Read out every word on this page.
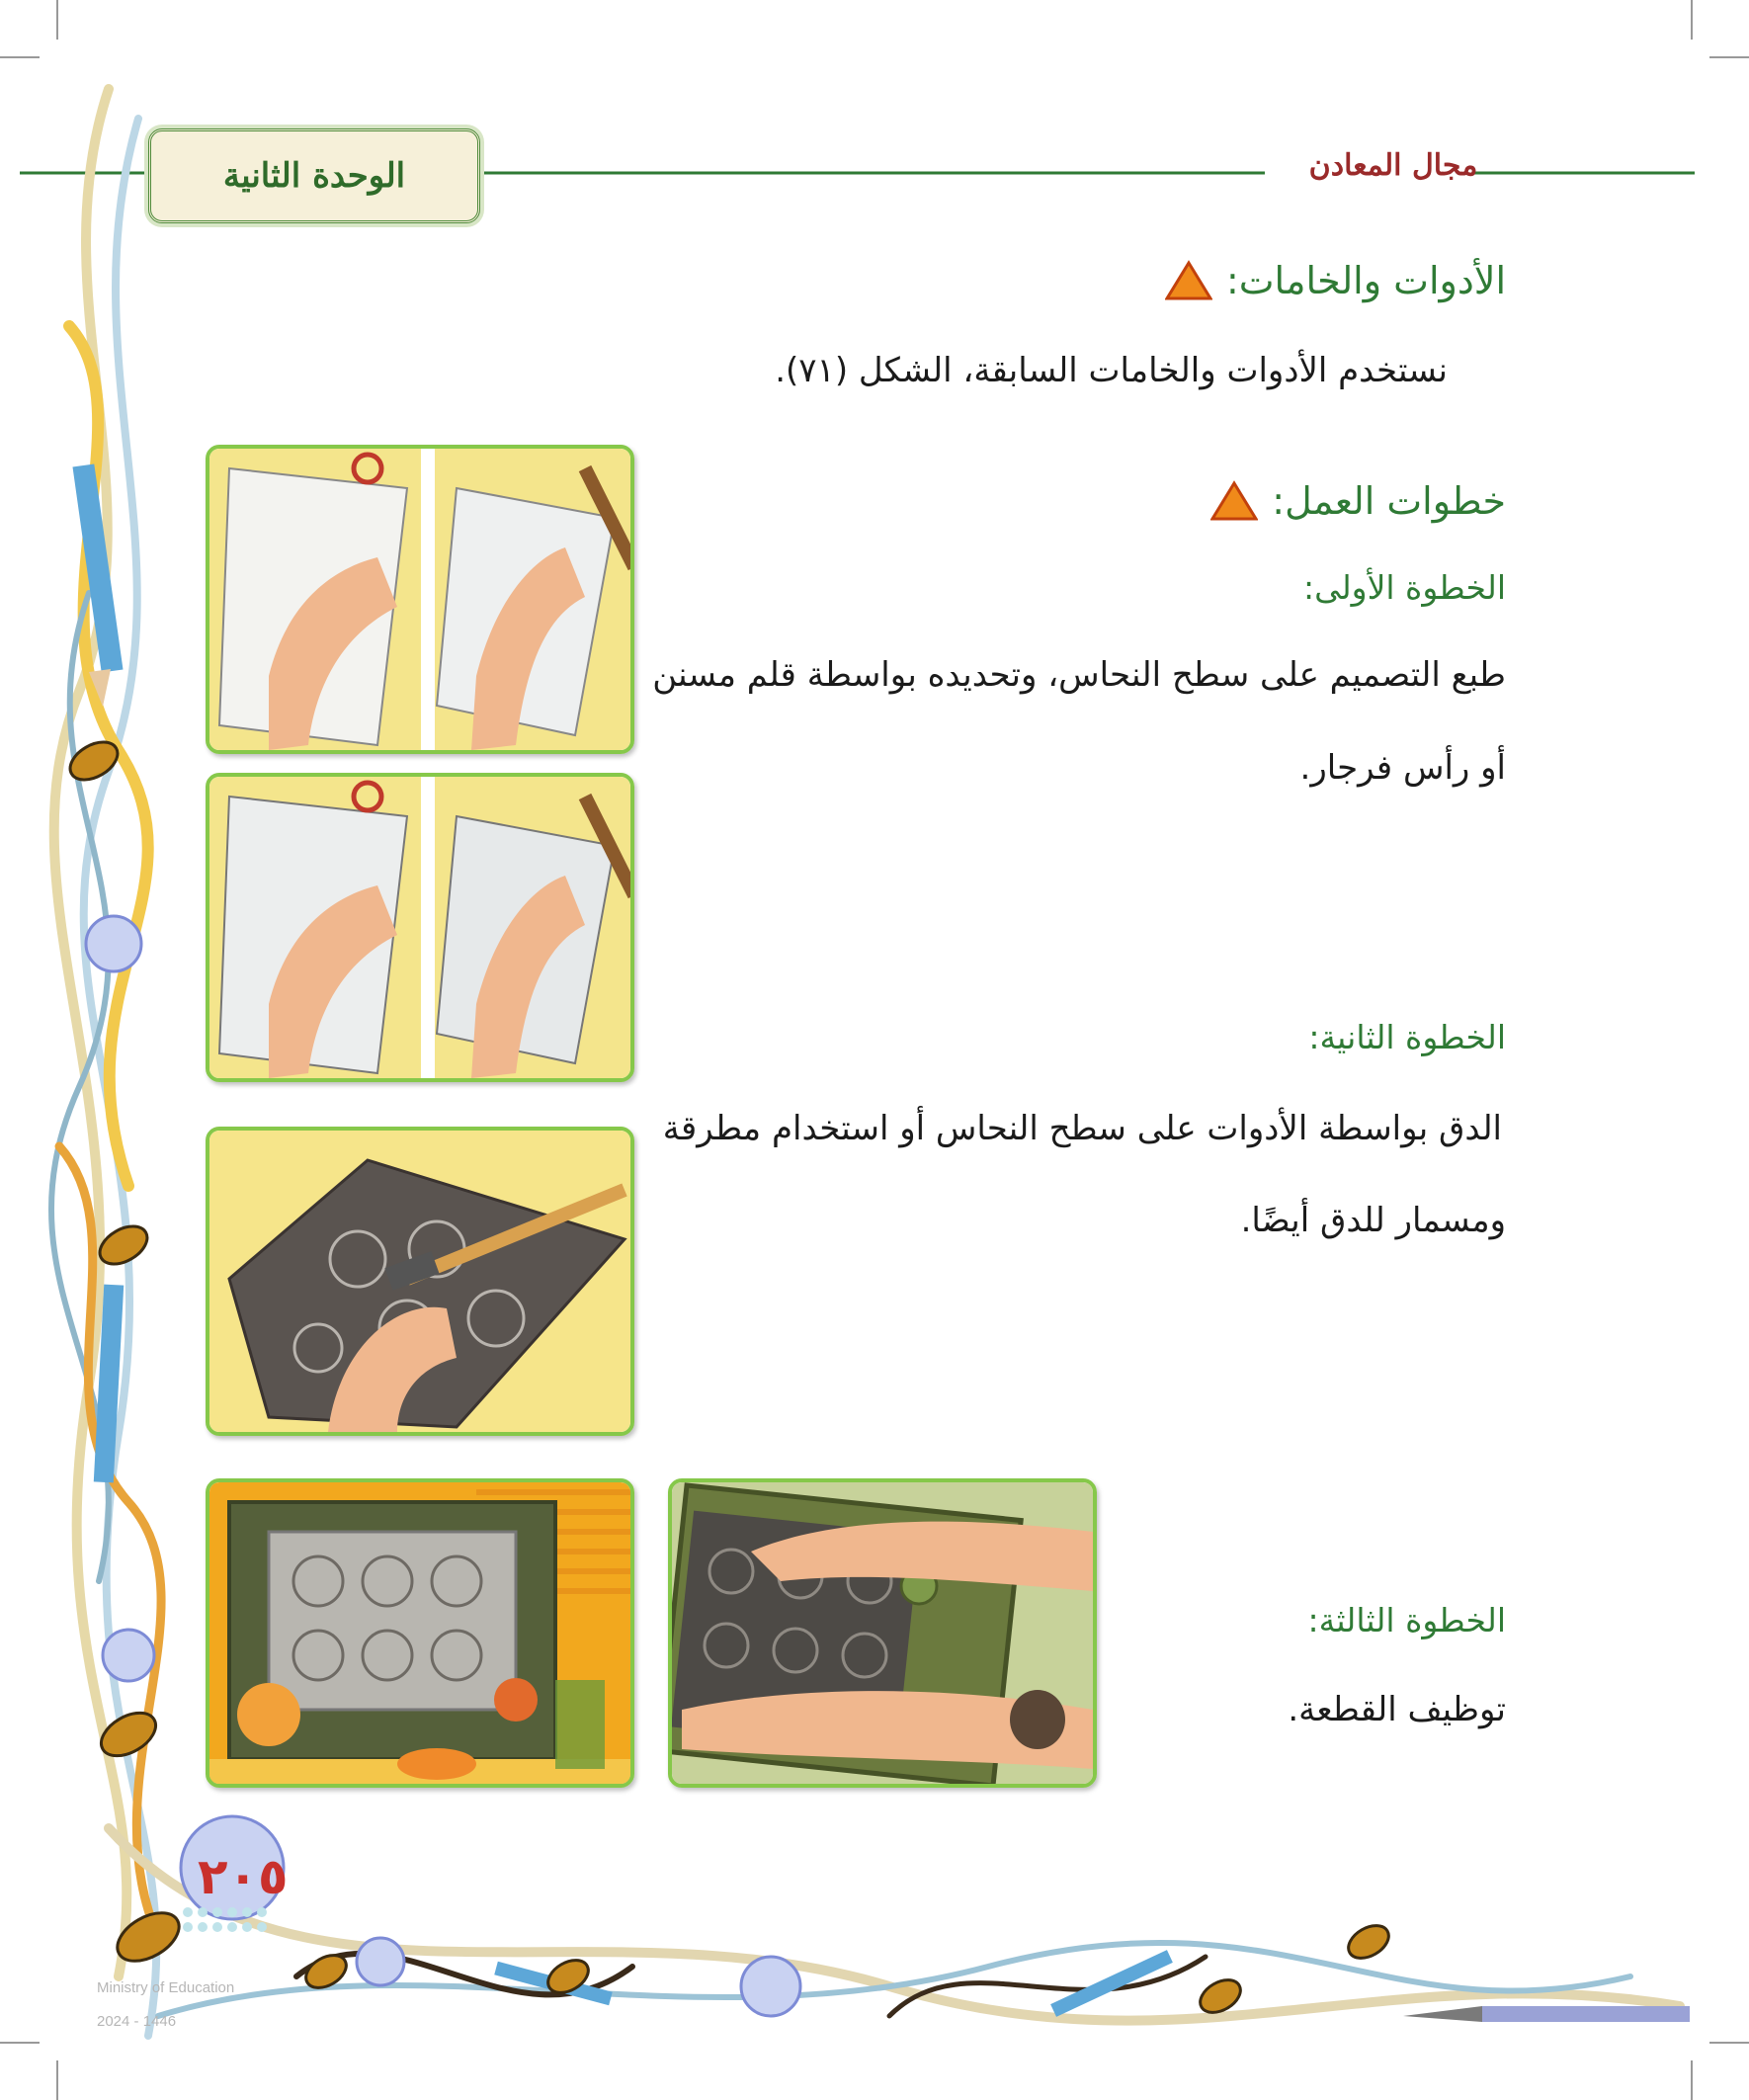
الوحدة الثانية	مجال المعادن
الأدوات والخامات:
نستخدم الأدوات والخامات السابقة، الشكل (٧١).
خطوات العمل:
الخطوة الأولى:
طبع التصميم على سطح النحاس، وتحديده بواسطة قلم مسنن
أو رأس فرجار.
الخطوة الثانية:
الدق بواسطة الأدوات على سطح النحاس أو استخدام مطرقة
ومسمار للدق أيضًا.
الخطوة الثالثة:
توظيف القطعة.
٢٠٥
Ministry of Education
2024 - 1446
